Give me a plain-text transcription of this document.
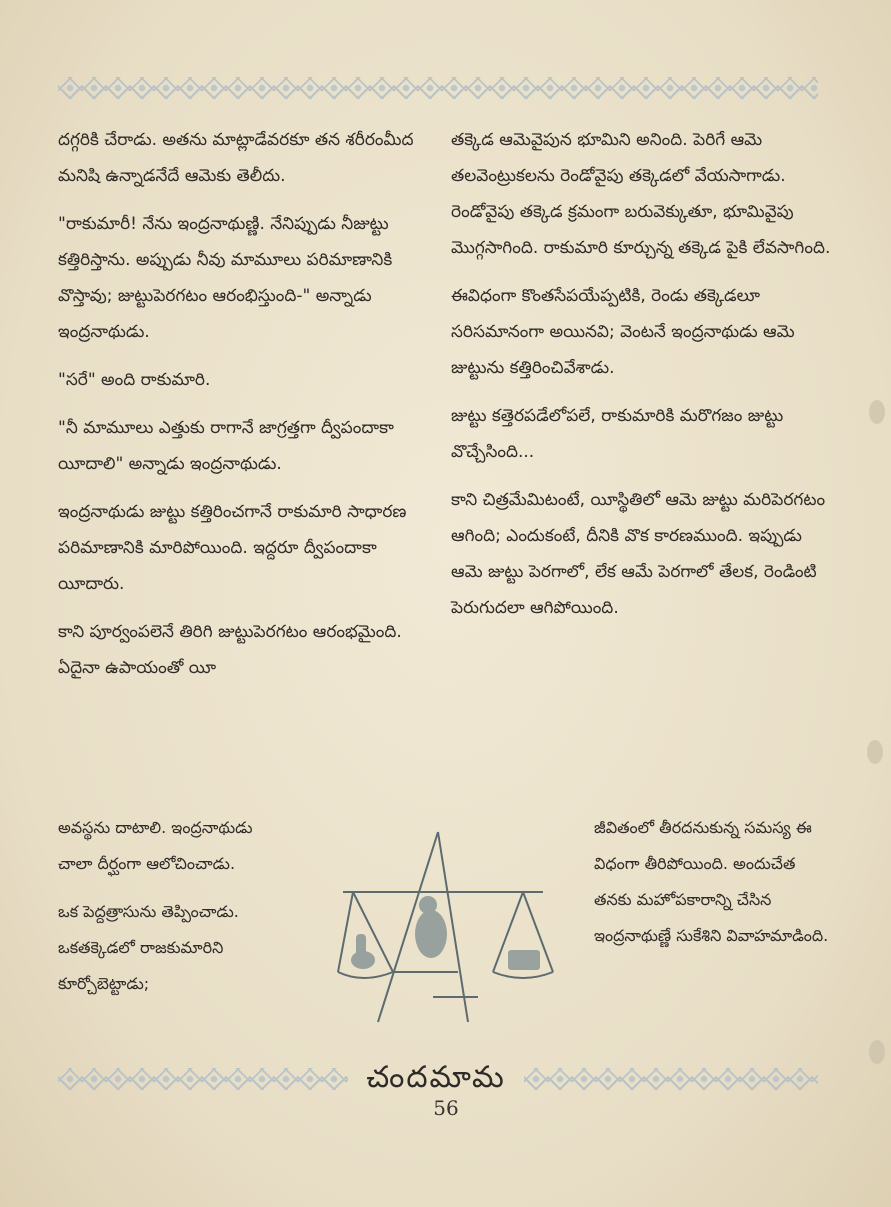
దగ్గరికి చేరాడు. అతను మాట్లాడేవరకూ తన శరీరంమీద మనిషి ఉన్నాడనేదే ఆమెకు తెలీదు.

"రాకుమారీ! నేను ఇంద్రనాథుణ్ణి. నేనిప్పుడు నీజుట్టు కత్తిరిస్తాను. అప్పుడు నీవు మామూలు పరిమాణానికి వొస్తావు; జుట్టుపెరగటం ఆరంభిస్తుంది-" అన్నాడు ఇంద్రనాథుడు.

"సరే" అంది రాకుమారి.

"నీ మామూలు ఎత్తుకు రాగానే జాగ్రత్తగా ద్వీపందాకా యీదాలి" అన్నాడు ఇంద్రనాథుడు.

ఇంద్రనాథుడు జుట్టు కత్తిరించగానే రాకుమారి సాధారణ పరిమాణానికి మారిపోయింది. ఇద్దరూ ద్వీపందాకా యీదారు.

కాని పూర్వంపలెనే తిరిగి జుట్టుపెరగటం ఆరంభమైంది. ఏదైనా ఉపాయంతో యీ

తక్కెడ ఆమెవైపున భూమిని అనింది. పెరిగే ఆమె తలవెంట్రుకలను రెండోవైపు తక్కెడలో వేయసాగాడు. రెండోవైపు తక్కెడ క్రమంగా బరువెక్కుతూ, భూమివైపు మొగ్గసాగింది. రాకుమారి కూర్చున్న తక్కెడ పైకి లేవసాగింది.

ఈవిధంగా కొంతసేపయేప్పటికి, రెండు తక్కెడలూ సరిసమానంగా అయినవి; వెంటనే ఇంద్రనాథుడు ఆమె జుట్టును కత్తిరించివేశాడు.

జుట్టు కత్తెరపడేలోపలే, రాకుమారికి మరొగజం జుట్టు వొచ్చేసింది...

కాని చిత్రమేమిటంటే, యీస్థితిలో ఆమె జుట్టు మరిపెరగటం ఆగింది; ఎందుకంటే, దీనికి వొక కారణముంది. ఇప్పుడు ఆమె జుట్టు పెరగాలో, లేక ఆమే పెరగాలో తేలక, రెండింటి పెరుగుదలా ఆగిపోయింది.

అవస్థను దాటాలి. ఇంద్రనాథుడు చాలా దీర్ఘంగా ఆలోచించాడు.

ఒక పెద్దత్రాసును తెప్పించాడు. ఒకతక్కెడలో రాజకుమారిని కూర్చోబెట్టాడు;

జీవితంలో తీరదనుకున్న సమస్య ఈ విధంగా తీరిపోయింది. అందుచేత తనకు మహోపకారాన్ని చేసిన ఇంద్రనాథుణ్ణే సుకేశిని వివాహమాడింది.

చందమామ
56
